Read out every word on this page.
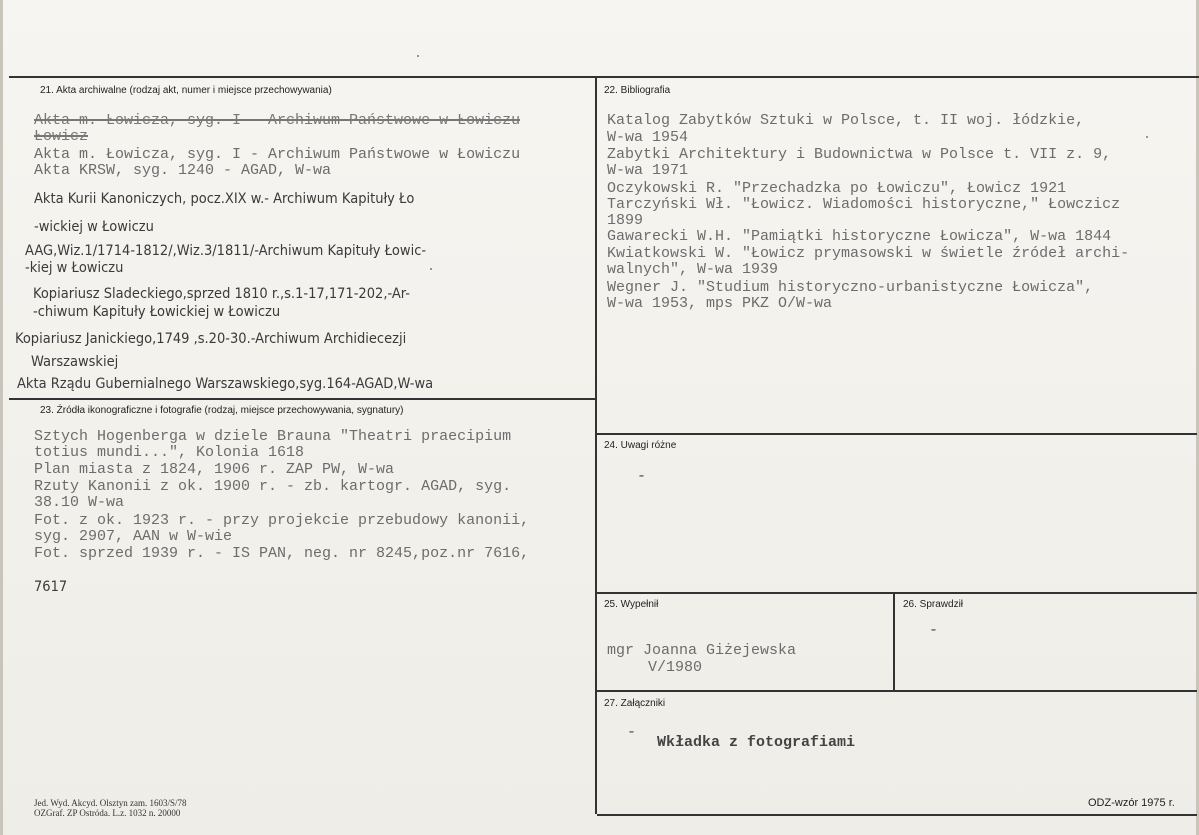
21. Akta archiwalne (rodzaj akt, numer i miejsce przechowywania)
Akta m. Łowicza, syg. I - Archiwum Państwowe w Łowiczu
Łowicz
Akta m. Łowicza, syg. I - Archiwum Państwowe w Łowiczu
Akta KRSW, syg. 1240 - AGAD, W-wa
Akta Kurii Kanoniczych, pocz.XIX w.- Archiwum Kapituły Ło
-wickiej w Łowiczu
AAG,Wiz.1/1714-1812/,Wiz.3/1811/-Archiwum Kapituły Łowic-
-kiej w Łowiczu
Kopiariusz Sladeckiego,sprzed 1810 r.,s.1-17,171-202,-Ar-
-chiwum Kapituły Łowickiej w Łowiczu
Kopiariusz Janickiego,1749 ,s.20-30.-Archiwum Archidiecezji
Warszawskiej
Akta Rządu Gubernialnego Warszawskiego,syg.164-AGAD,W-wa
22. Bibliografia
Katalog Zabytków Sztuki w Polsce, t. II woj. łódzkie,
W-wa 1954
Zabytki Architektury i Budownictwa w Polsce t. VII z. 9,
W-wa 1971
Oczykowski R. "Przechadzka po Łowiczu", Łowicz 1921
Tarczyński Wł. "Łowicz. Wiadomości historyczne," Łowczicz
1899
Gawarecki W.H. "Pamiątki historyczne Łowicza", W-wa 1844
Kwiatkowski W. "Łowicz prymasowski w świetle źródeł archi-
walnych", W-wa 1939
Wegner J. "Studium historyczno-urbanistyczne Łowicza",
W-wa 1953, mps PKZ O/W-wa
23. Źródła ikonograficzne i fotografie (rodzaj, miejsce przechowywania, sygnatury)
Sztych Hogenberga w dziele Brauna "Theatri praecipium
totius mundi...", Kolonia 1618
Plan miasta z 1824, 1906 r. ZAP PW, W-wa
Rzuty Kanonii z ok. 1900 r. - zb. kartogr. AGAD, syg.
38.10 W-wa
Fot. z ok. 1923 r. - przy projekcie przebudowy kanonii,
syg. 2907, AAN w W-wie
Fot. sprzed 1939 r. - IS PAN, neg. nr 8245,poz.nr 7616,
7617
24. Uwagi różne
-
25. Wypełnił
mgr Joanna Giżejewska
V/1980
26. Sprawdził
-
27. Załączniki
-
Wkładka z fotografiami
Jed. Wyd. Akcyd. Olsztyn zam. 1603/S/78
OZGraf. ZP Ostróda. L.z. 1032 n. 20000
ODZ-wzór 1975 r.
